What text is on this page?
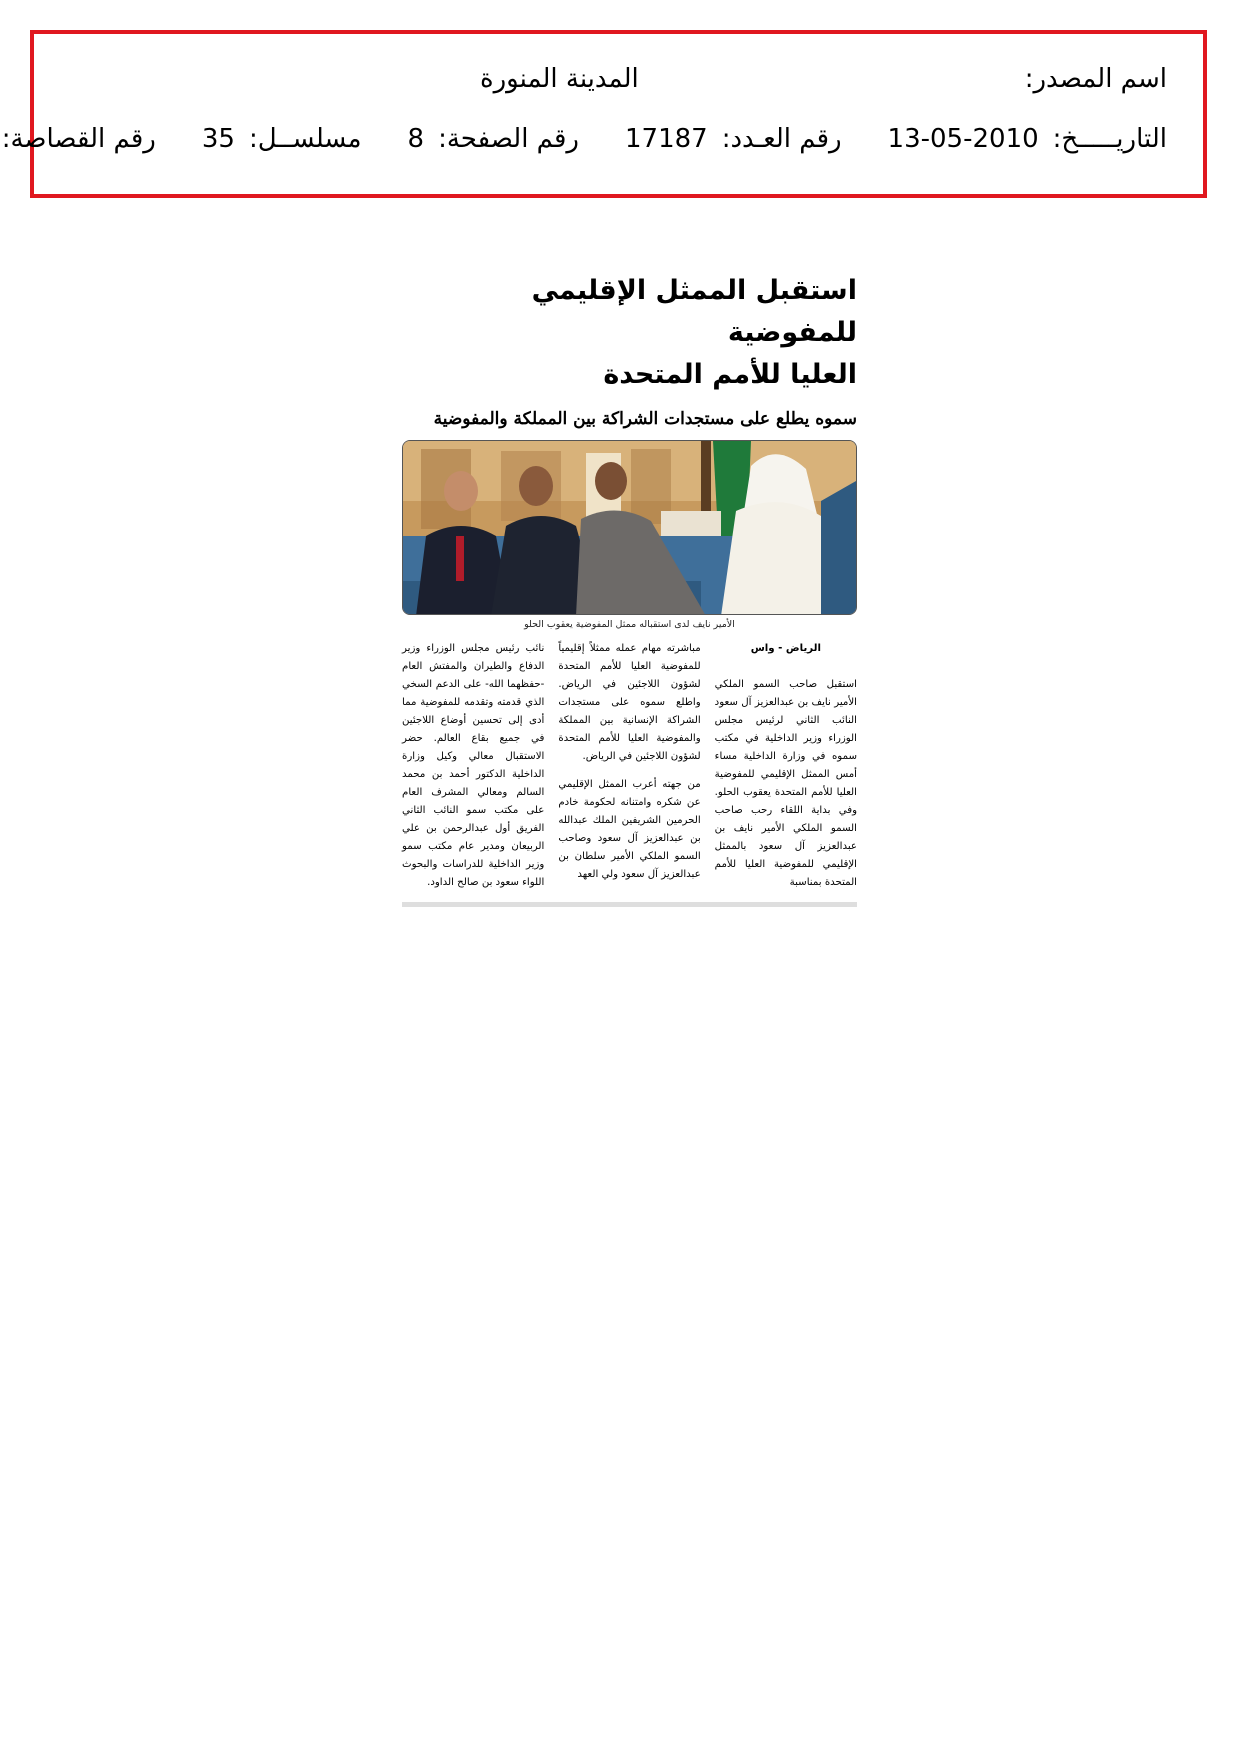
اسم المصدر:
المدينة المنورة
التاريـــــخ:
13-05-2010
رقم العـدد:
17187
رقم الصفحة:
8
مسلســل:
35
رقم القصاصة:
استقبل الممثل الإقليمي للمفوضية
العليا للأمم المتحدة
سموه يطلع على مستجدات الشراكة بين المملكة والمفوضية
الأمير نايف لدى استقباله ممثل المفوضية يعقوب الحلو

الرياض - واس

استقبل صاحب السمو الملكي الأمير نايف بن عبدالعزيز آل سعود النائب الثاني لرئيس مجلس الوزراء وزير الداخلية في مكتب سموه في وزارة الداخلية مساء أمس الممثل الإقليمي للمفوضية العليا للأمم المتحدة يعقوب الحلو. وفي بداية اللقاء رحب صاحب السمو الملكي الأمير نايف بن عبدالعزيز آل سعود بالممثل الإقليمي للمفوضية العليا للأمم المتحدة بمناسبة

مباشرته مهام عمله ممثلاً إقليمياً للمفوضية العليا للأمم المتحدة لشؤون اللاجئين في الرياض. واطلع سموه على مستجدات الشراكة الإنسانية بين المملكة والمفوضية العليا للأمم المتحدة لشؤون اللاجئين في الرياض.

من جهته أعرب الممثل الإقليمي عن شكره وامتنانه لحكومة خادم الحرمين الشريفين الملك عبدالله بن عبدالعزيز آل سعود وصاحب السمو الملكي الأمير سلطان بن عبدالعزيز آل سعود ولي العهد

نائب رئيس مجلس الوزراء وزير الدفاع والطيران والمفتش العام -حفظهما الله- على الدعم السخي الذي قدمته وتقدمه للمفوضية مما أدى إلى تحسين أوضاع اللاجئين في جميع بقاع العالم. حضر الاستقبال معالي وكيل وزارة الداخلية الدكتور أحمد بن محمد السالم ومعالي المشرف العام على مكتب سمو النائب الثاني الفريق أول عبدالرحمن بن علي الربيعان ومدير عام مكتب سمو وزير الداخلية للدراسات والبحوث اللواء سعود بن صالح الداود.
